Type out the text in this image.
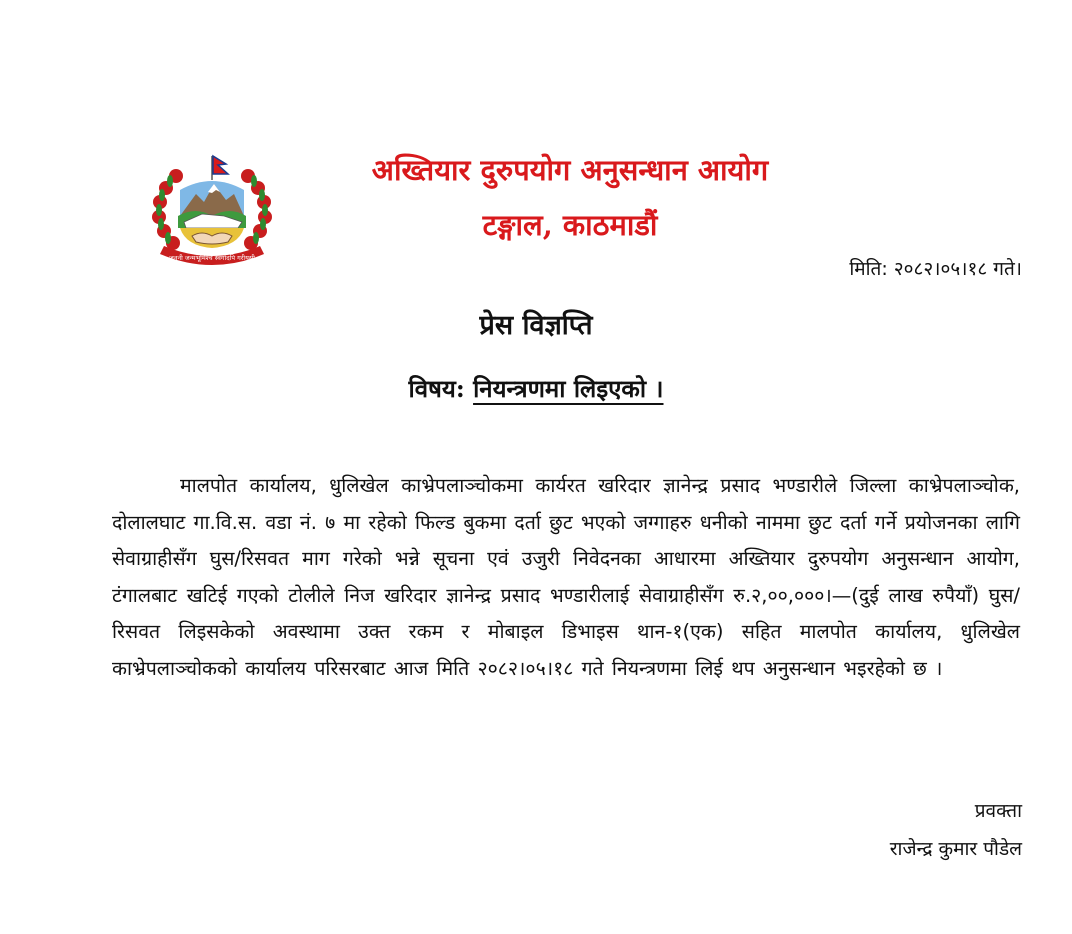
जननी जन्मभूमिश्च स्वर्गादपि गरीयसी
अख्तियार दुरुपयोग अनुसन्धान आयोग
टङ्गाल, काठमाडौं
मिति: २०८२।०५।१८ गते।
प्रेस विज्ञप्ति
विषय: नियन्त्रणमा लिइएको ।

मालपोत कार्यालय, धुलिखेल काभ्रेपलाञ्चोकमा कार्यरत खरिदार ज्ञानेन्द्र प्रसाद भण्डारीले जिल्ला काभ्रेपलाञ्चोक, दोलालघाट गा.वि.स. वडा नं. ७ मा रहेको फिल्ड बुकमा दर्ता छुट भएको जग्गाहरु धनीको नाममा छुट दर्ता गर्ने प्रयोजनका लागि सेवाग्राहीसँग घुस/रिसवत माग गरेको भन्ने सूचना एवं उजुरी निवेदनका आधारमा अख्तियार दुरुपयोग अनुसन्धान आयोग, टंगालबाट खटिई गएको टोलीले निज खरिदार ज्ञानेन्द्र प्रसाद भण्डारीलाई सेवाग्राहीसँग रु.२,००,०००।—(दुई लाख रुपैयाँ) घुस/रिसवत लिइसकेको अवस्थामा उक्त रकम र मोबाइल डिभाइस थान-१(एक) सहित मालपोत कार्यालय, धुलिखेल काभ्रेपलाञ्चोकको कार्यालय परिसरबाट आज मिति २०८२।०५।१८ गते नियन्त्रणमा लिई थप अनुसन्धान भइरहेको छ ।

प्रवक्ता
राजेन्द्र कुमार पौडेल
